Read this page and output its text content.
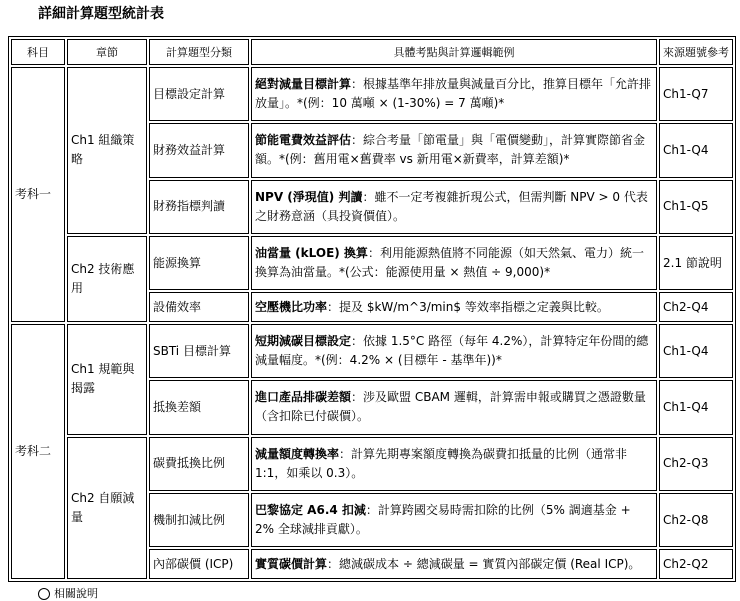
詳細計算題型統計表
科目	章節	計算題型分類	具體考點與計算邏輯範例	來源題號參考
考科一	Ch1 組織策略	目標設定計算	絕對減量目標計算：根據基準年排放量與減量百分比，推算目標年「允許排放量」。*(例：10 萬噸 × (1-30%) = 7 萬噸)*	Ch1-Q7
		財務效益計算	節能電費效益評估：綜合考量「節電量」與「電價變動」，計算實際節省金額。*(例：舊用電×舊費率 vs 新用電×新費率，計算差額)*	Ch1-Q4
		財務指標判讀	NPV (淨現值) 判讀：雖不一定考複雜折現公式，但需判斷 NPV > 0 代表之財務意涵（具投資價值）。	Ch1-Q5
	Ch2 技術應用	能源換算	油當量 (kLOE) 換算：利用能源熱值將不同能源（如天然氣、電力）統一換算為油當量。*(公式：能源使用量 × 熱值 ÷ 9,000)*	2.1 節說明
		設備效率	空壓機比功率：提及 $kW/m^3/min$ 等效率指標之定義與比較。	Ch2-Q4
考科二	Ch1 規範與揭露	SBTi 目標計算	短期減碳目標設定：依據 1.5°C 路徑（每年 4.2%），計算特定年份間的總減量幅度。*(例：4.2% × (目標年 - 基準年))*	Ch1-Q4
		抵換差額	進口產品排碳差額：涉及歐盟 CBAM 邏輯，計算需申報或購買之憑證數量（含扣除已付碳價）。	Ch1-Q4
	Ch2 自願減量	碳費抵換比例	減量額度轉換率：計算先期專案額度轉換為碳費扣抵量的比例（通常非 1:1，如乘以 0.3）。	Ch2-Q3
		機制扣減比例	巴黎協定 A6.4 扣減：計算跨國交易時需扣除的比例（5% 調適基金 + 2% 全球減排貢獻）。	Ch2-Q8
		內部碳價 (ICP)	實質碳價計算：總減碳成本 ÷ 總減碳量 = 實質內部碳定價 (Real ICP)。	Ch2-Q2
相關說明
